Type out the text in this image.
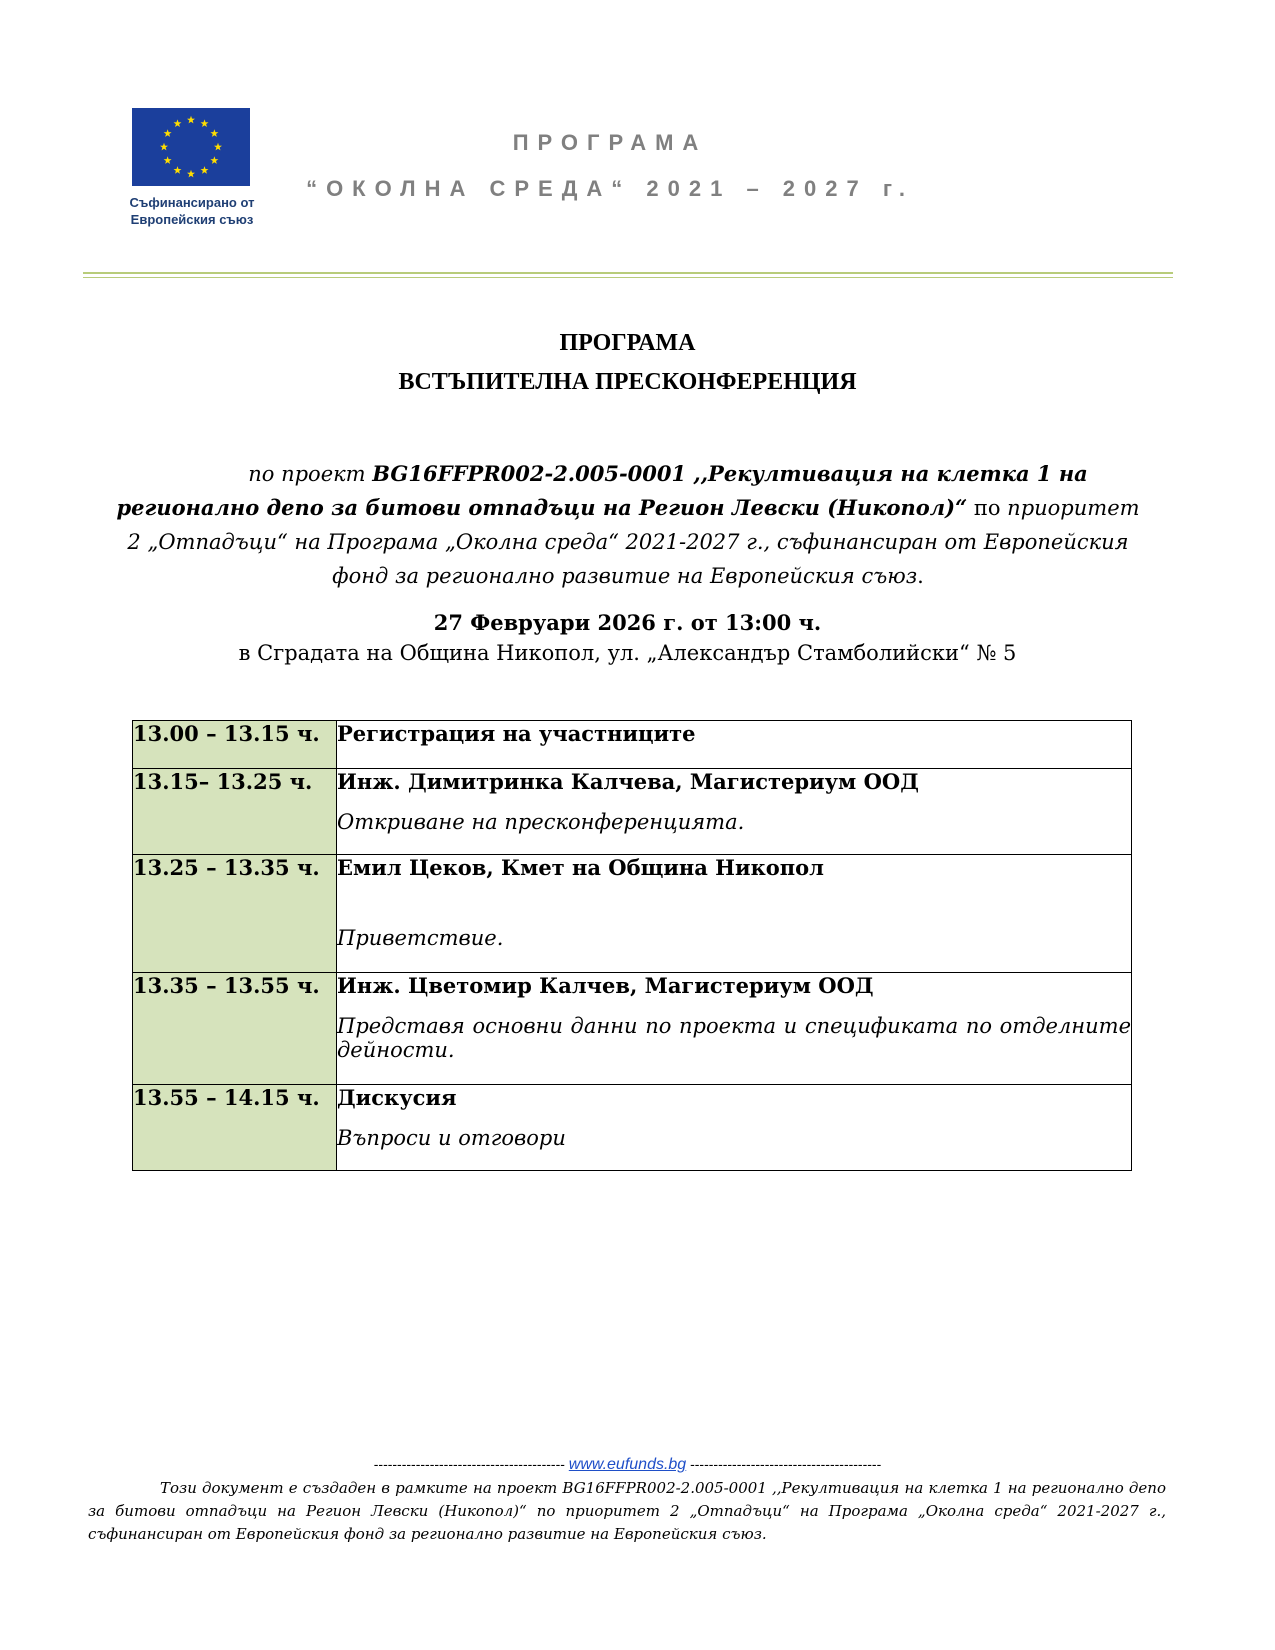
Съфинансирано от
Европейския съюз
ПРОГРАМА
“ОКОЛНА СРЕДА“ 2021 – 2027 г.
ПРОГРАМА
ВСТЪПИТЕЛНА ПРЕСКОНФЕРЕНЦИЯ
по проект BG16FFPR002-2.005-0001 ,,Рекултивация на клетка 1 на регионално депо за битови отпадъци на Регион Левски (Никопол)“ по приоритет 2 „Отпадъци“ на Програма „Околна среда“ 2021-2027 г., съфинансиран от Европейския фонд за регионално развитие на Европейския съюз.
27 Февруари 2026 г. от 13:00 ч.
в Сградата на Община Никопол, ул. „Александър Стамболийски“ № 5
13.00 – 13.15 ч.	Регистрация на участниците

13.15– 13.25 ч.	Инж. Димитринка Калчева, Магистериум ООД
Откриване на пресконференцията.

13.25 – 13.35 ч.	Емил Цеков, Кмет на Община Никопол
Приветствие.

13.35 – 13.55 ч.	Инж. Цветомир Калчев, Магистериум ООД
Представя основни данни по проекта и спецификата по отделните дейности.

13.55 – 14.15 ч.	Дискусия
Въпроси и отговори
----------------------------------------- www.eufunds.bg -----------------------------------------
Този документ е създаден в рамките на проект BG16FFPR002-2.005-0001 ,,Рекултивация на клетка 1 на регионално депо за битови отпадъци на Регион Левски (Никопол)“ по приоритет 2 „Отпадъци“ на Програма „Околна среда“ 2021-2027 г., съфинансиран от Европейския фонд за регионално развитие на Европейския съюз.
